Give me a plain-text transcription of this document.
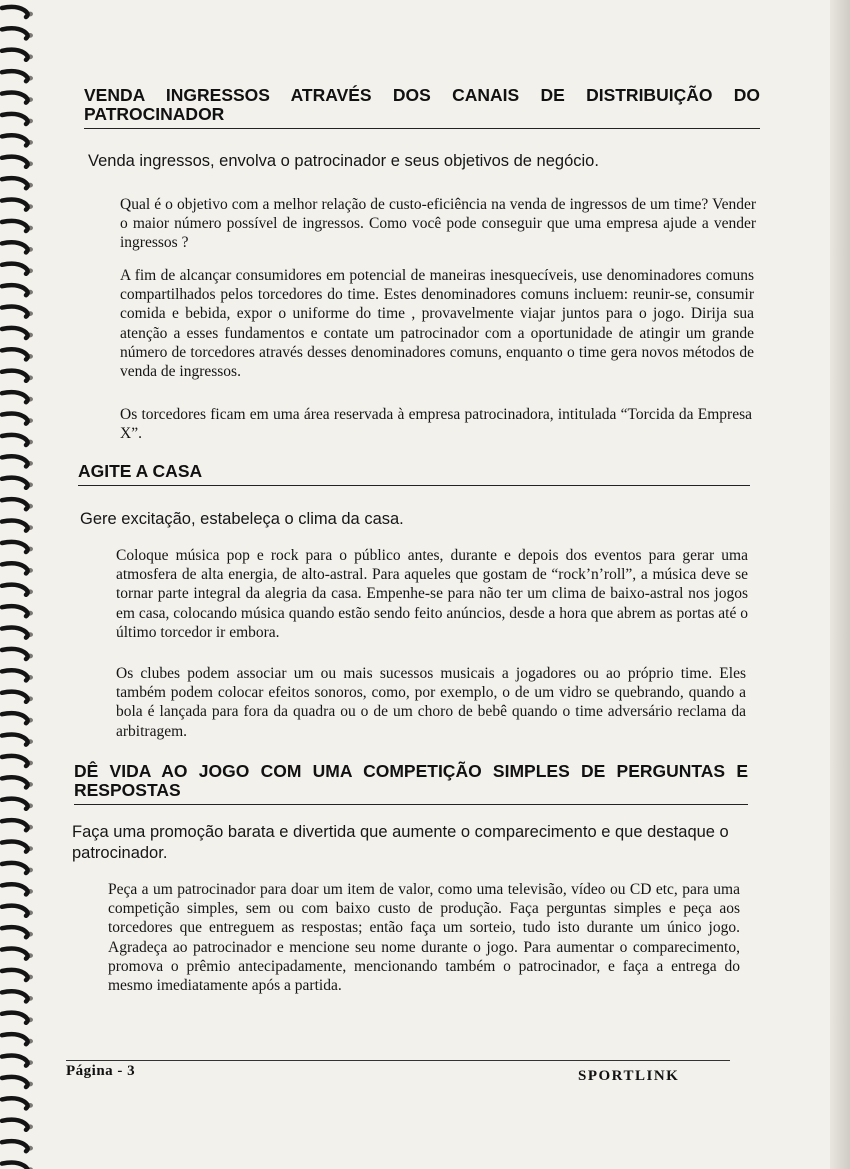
VENDA INGRESSOS ATRAVÉS DOS CANAIS DE DISTRIBUIÇÃO DO PATROCINADOR
Venda ingressos, envolva o patrocinador e seus objetivos de negócio.
Qual é o objetivo com a melhor relação de custo-eficiência na venda de ingressos de um time? Vender o maior número possível de ingressos. Como você pode conseguir que uma empresa ajude a vender ingressos ?
A fim de alcançar consumidores em potencial de maneiras inesquecíveis, use denominadores comuns compartilhados pelos torcedores do time. Estes denominadores comuns incluem: reunir-se, consumir comida e bebida, expor o uniforme do time , provavelmente viajar juntos para o jogo. Dirija sua atenção a esses fundamentos e contate um patrocinador com a oportunidade de atingir um grande número de torcedores através desses denominadores comuns, enquanto o time gera novos métodos de venda de ingressos.
Os torcedores ficam em uma área reservada à empresa patrocinadora, intitulada “Torcida da Empresa X”.
AGITE A CASA
Gere excitação, estabeleça o clima da casa.
Coloque música pop e rock para o público antes, durante e depois dos eventos para gerar uma atmosfera de alta energia, de alto-astral. Para aqueles que gostam de “rock’n’roll”, a música deve se tornar parte integral da alegria da casa. Empenhe-se para não ter um clima de baixo-astral nos jogos em casa, colocando música quando estão sendo feito anúncios, desde a hora que abrem as portas até o último torcedor ir embora.
Os clubes podem associar um ou mais sucessos musicais a jogadores ou ao próprio time. Eles também podem colocar efeitos sonoros, como, por exemplo, o de um vidro se quebrando, quando a bola é lançada para fora da quadra ou o de um choro de bebê quando o time adversário reclama da arbitragem.
DÊ VIDA AO JOGO COM UMA COMPETIÇÃO SIMPLES DE PERGUNTAS E RESPOSTAS
Faça uma promoção barata e divertida que aumente o comparecimento e que destaque o patrocinador.
Peça a um patrocinador para doar um item de valor, como uma televisão, vídeo ou CD etc, para uma competição simples, sem ou com baixo custo de produção. Faça perguntas simples e peça aos torcedores que entreguem as respostas; então faça um sorteio, tudo isto durante um único jogo. Agradeça ao patrocinador e mencione seu nome durante o jogo. Para aumentar o comparecimento, promova o prêmio antecipadamente, mencionando também o patrocinador, e faça a entrega do mesmo imediatamente após a partida.
Página - 3	SPORTLINK
